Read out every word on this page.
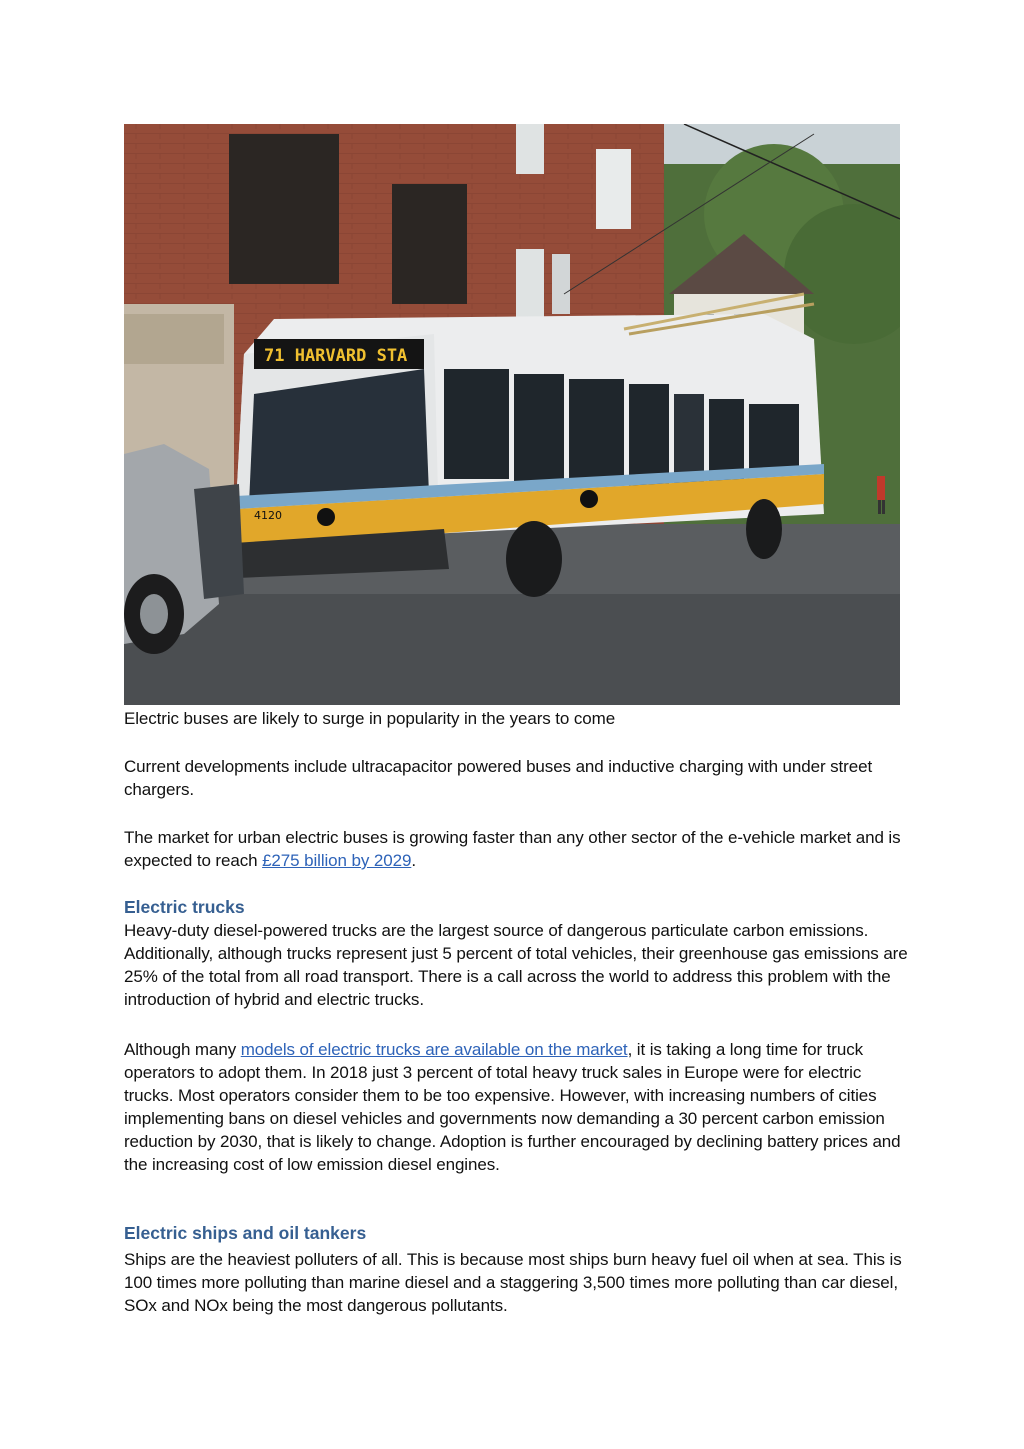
71 HARVARD STA
4120

Electric buses are likely to surge in popularity in the years to come

Current developments include ultracapacitor powered buses and inductive charging with under street chargers.

The market for urban electric buses is growing faster than any other sector of the e-vehicle market and is expected to reach £275 billion by 2029.

Electric trucks

Heavy-duty diesel-powered trucks are the largest source of dangerous particulate carbon emissions. Additionally, although trucks represent just 5 percent of total vehicles, their greenhouse gas emissions are 25% of the total from all road transport. There is a call across the world to address this problem with the introduction of hybrid and electric trucks.

Although many models of electric trucks are available on the market, it is taking a long time for truck operators to adopt them. In 2018 just 3 percent of total heavy truck sales in Europe were for electric trucks. Most operators consider them to be too expensive. However, with increasing numbers of cities implementing bans on diesel vehicles and governments now demanding a 30 percent carbon emission reduction by 2030, that is likely to change. Adoption is further encouraged by declining battery prices and the increasing cost of low emission diesel engines.

Electric ships and oil tankers

Ships are the heaviest polluters of all. This is because most ships burn heavy fuel oil when at sea. This is 100 times more polluting than marine diesel and a staggering 3,500 times more polluting than car diesel, SOx and NOx being the most dangerous pollutants.
